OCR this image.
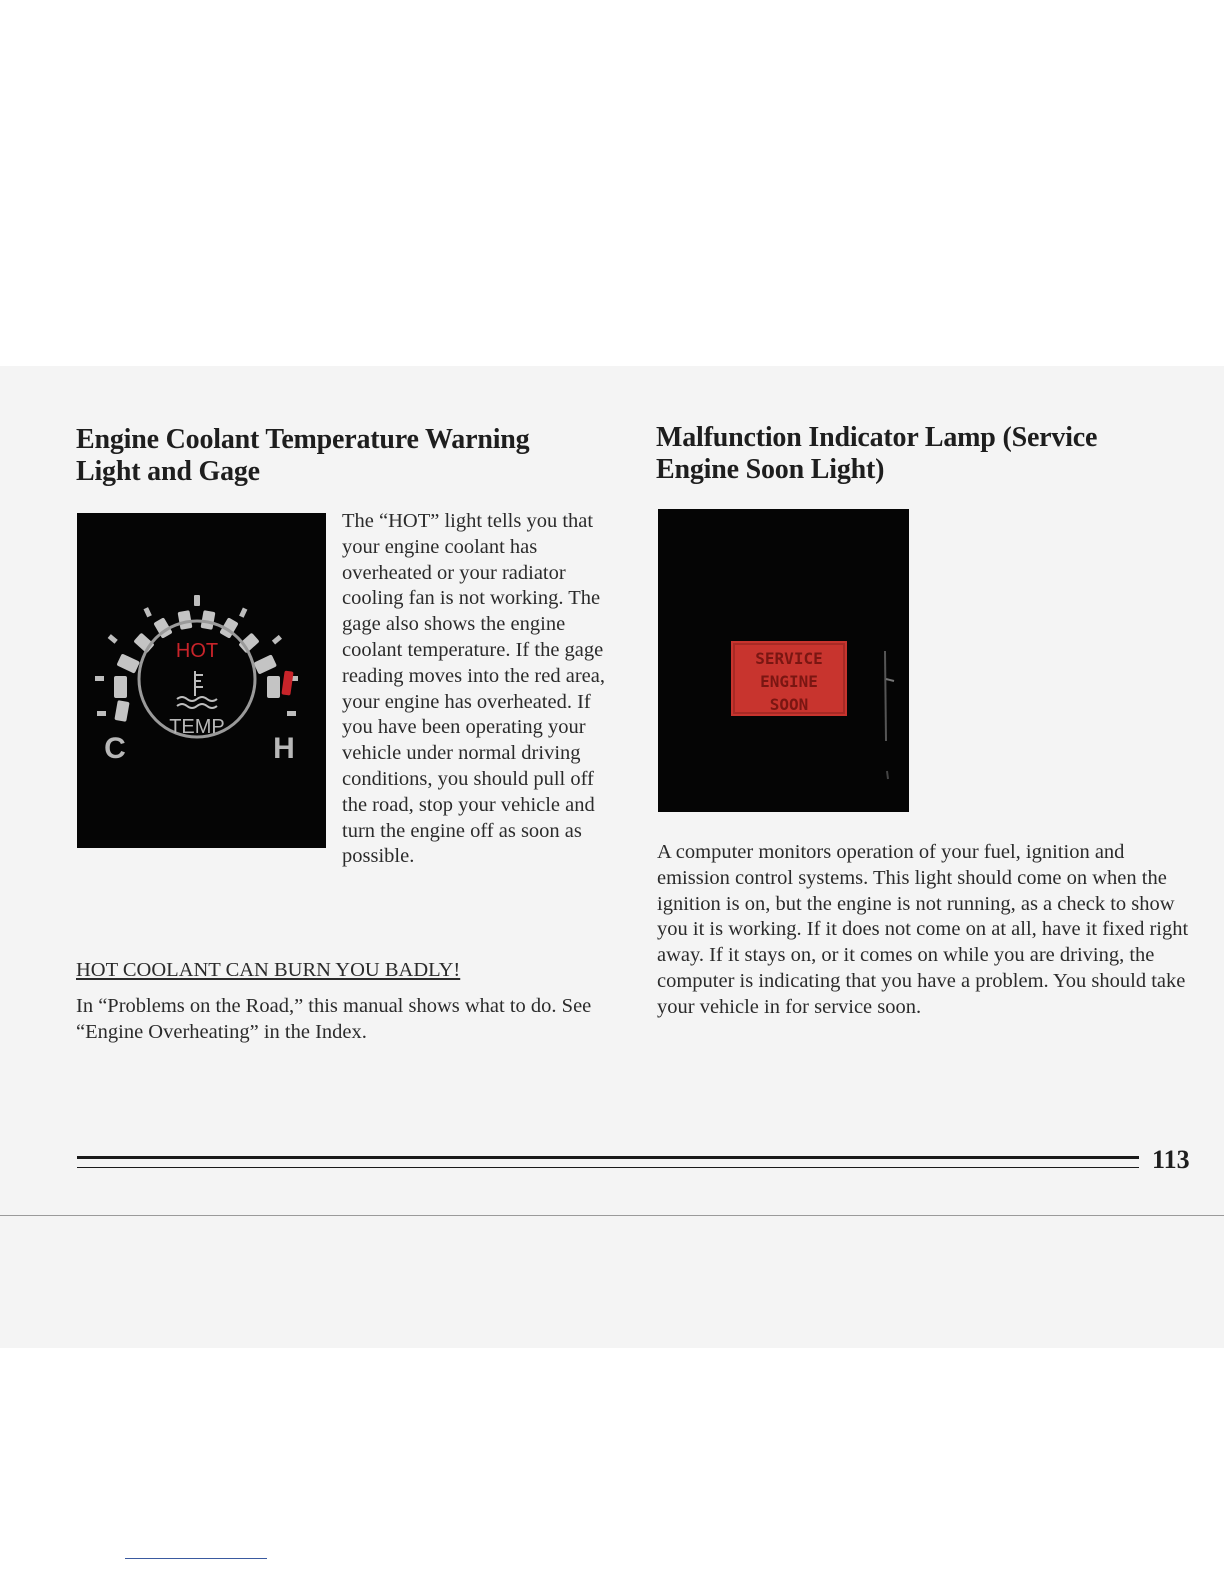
Engine Coolant Temperature Warning
Light and Gage
HOT
TEMP
C	H

The “HOT” light tells you that your engine coolant has overheated or your radiator cooling fan is not working. The gage also shows the engine coolant temperature. If the gage reading moves into the red area, your engine has overheated. If you have been operating your vehicle under normal driving conditions, you should pull off the road, stop your vehicle and turn the engine off as soon as possible.

HOT COOLANT CAN BURN YOU BADLY!

In “Problems on the Road,” this manual shows what to do. See “Engine Overheating” in the Index.

Malfunction Indicator Lamp (Service
Engine Soon Light)
SERVICE
ENGINE
SOON

A computer monitors operation of your fuel, ignition and emission control systems. This light should come on when the ignition is on, but the engine is not running, as a check to show you it is working. If it does not come on at all, have it fixed right away. If it stays on, or it comes on while you are driving, the computer is indicating that you have a problem. You should take your vehicle in for service soon.

113
